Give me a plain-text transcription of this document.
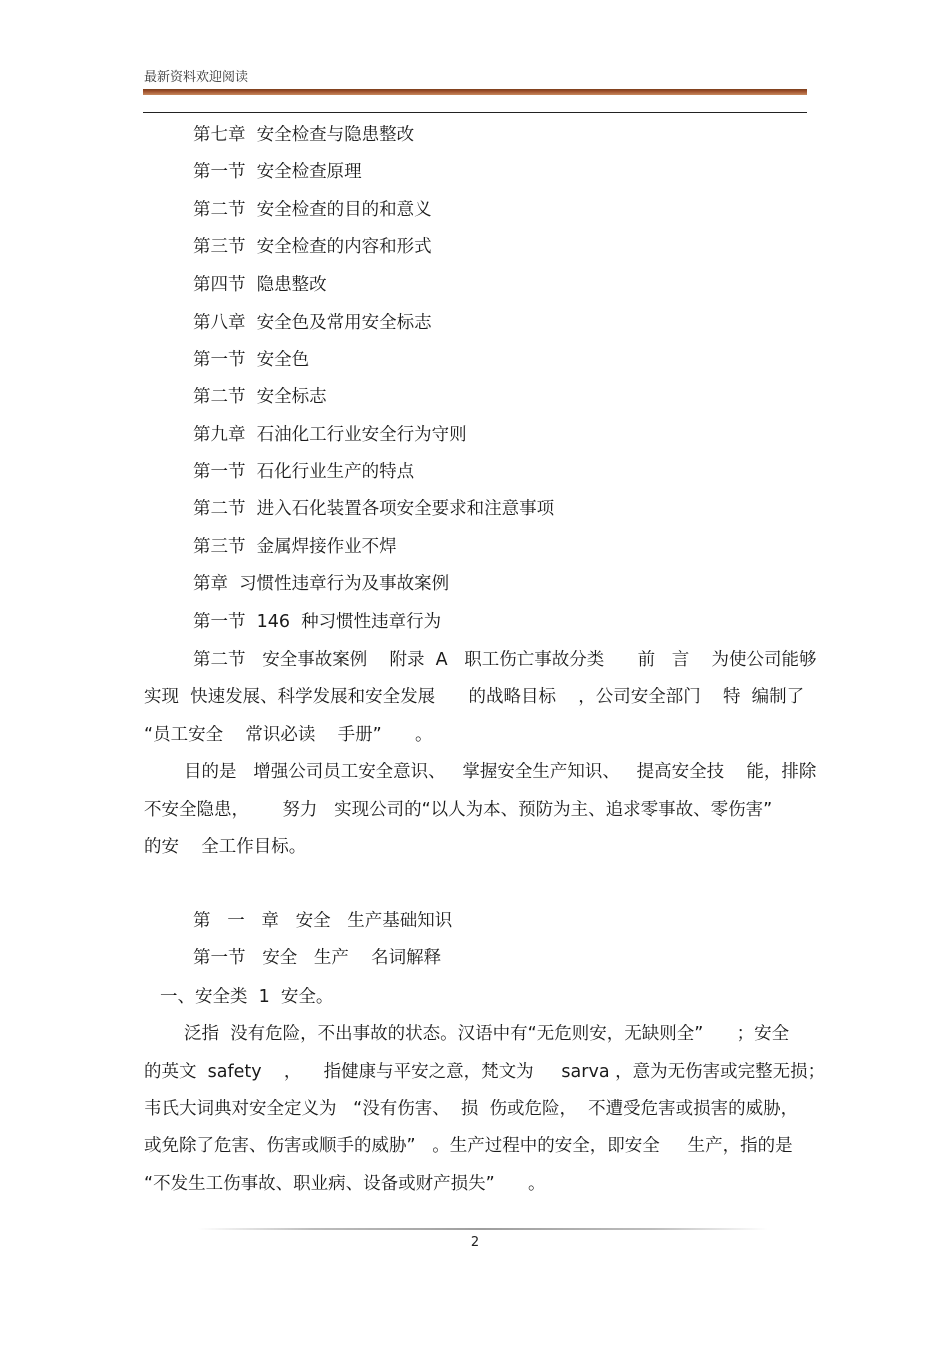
最新资料欢迎阅读
第七章  安全检查与隐患整改
第一节  安全检查原理
第二节  安全检查的目的和意义
第三节  安全检查的内容和形式
第四节  隐患整改
第八章  安全色及常用安全标志
第一节  安全色
第二节  安全标志
第九章  石油化工行业安全行为守则
第一节  石化行业生产的特点
第二节  进入石化装置各项安全要求和注意事项
第三节  金属焊接作业不焊
第章  习惯性违章行为及事故案例
第一节  146  种习惯性违章行为
第二节   安全事故案例    附录  A   职工伤亡事故分类      前   言    为使公司能够
实现  快速发展、科学发展和安全发展      的战略目标    ，公司安全部门    特  编制了
“员工安全    常识必读    手册”      。
目的是   增强公司员工安全意识、   掌握安全生产知识、   提高安全技    能，排除
不安全隐患，      努力   实现公司的“以人为本、预防为主、追求零事故、零伤害”
的安    全工作目标。
第   一   章   安全   生产基础知识
第一节   安全   生产    名词解释
一、安全类  1  安全。
泛指  没有危险，不出事故的状态。汉语中有“无危则安，无缺则全”      ；安全
的英文  safety    ，    指健康与平安之意，梵文为     sarva ，意为无伤害或完整无损；
韦氏大词典对安全定义为   “没有伤害、  损  伤或危险，  不遭受危害或损害的威胁，
或免除了危害、伤害或顺手的威胁”   。生产过程中的安全，即安全     生产，指的是
“不发生工伤事故、职业病、设备或财产损失”      。
2
